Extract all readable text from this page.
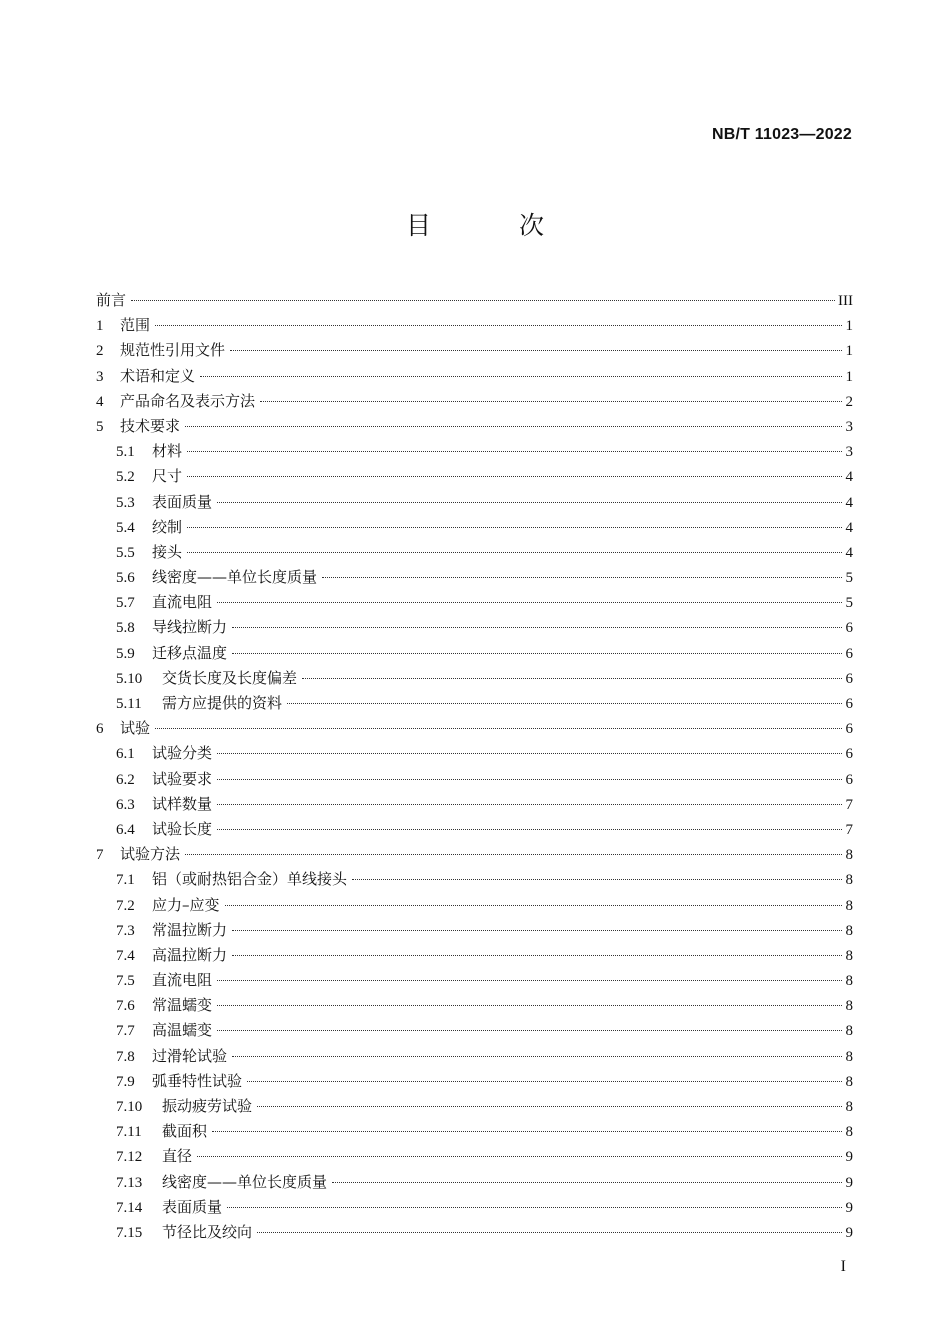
NB/T 11023—2022
目 次
前言	III
1	范围	1
2	规范性引用文件	1
3	术语和定义	1
4	产品命名及表示方法	2
5	技术要求	3
5.1	材料	3
5.2	尺寸	4
5.3	表面质量	4
5.4	绞制	4
5.5	接头	4
5.6	线密度——单位长度质量	5
5.7	直流电阻	5
5.8	导线拉断力	6
5.9	迁移点温度	6
5.10	交货长度及长度偏差	6
5.11	需方应提供的资料	6
6	试验	6
6.1	试验分类	6
6.2	试验要求	6
6.3	试样数量	7
6.4	试验长度	7
7	试验方法	8
7.1	铝（或耐热铝合金）单线接头	8
7.2	应力–应变	8
7.3	常温拉断力	8
7.4	高温拉断力	8
7.5	直流电阻	8
7.6	常温蠕变	8
7.7	高温蠕变	8
7.8	过滑轮试验	8
7.9	弧垂特性试验	8
7.10	振动疲劳试验	8
7.11	截面积	8
7.12	直径	9
7.13	线密度——单位长度质量	9
7.14	表面质量	9
7.15	节径比及绞向	9
I
